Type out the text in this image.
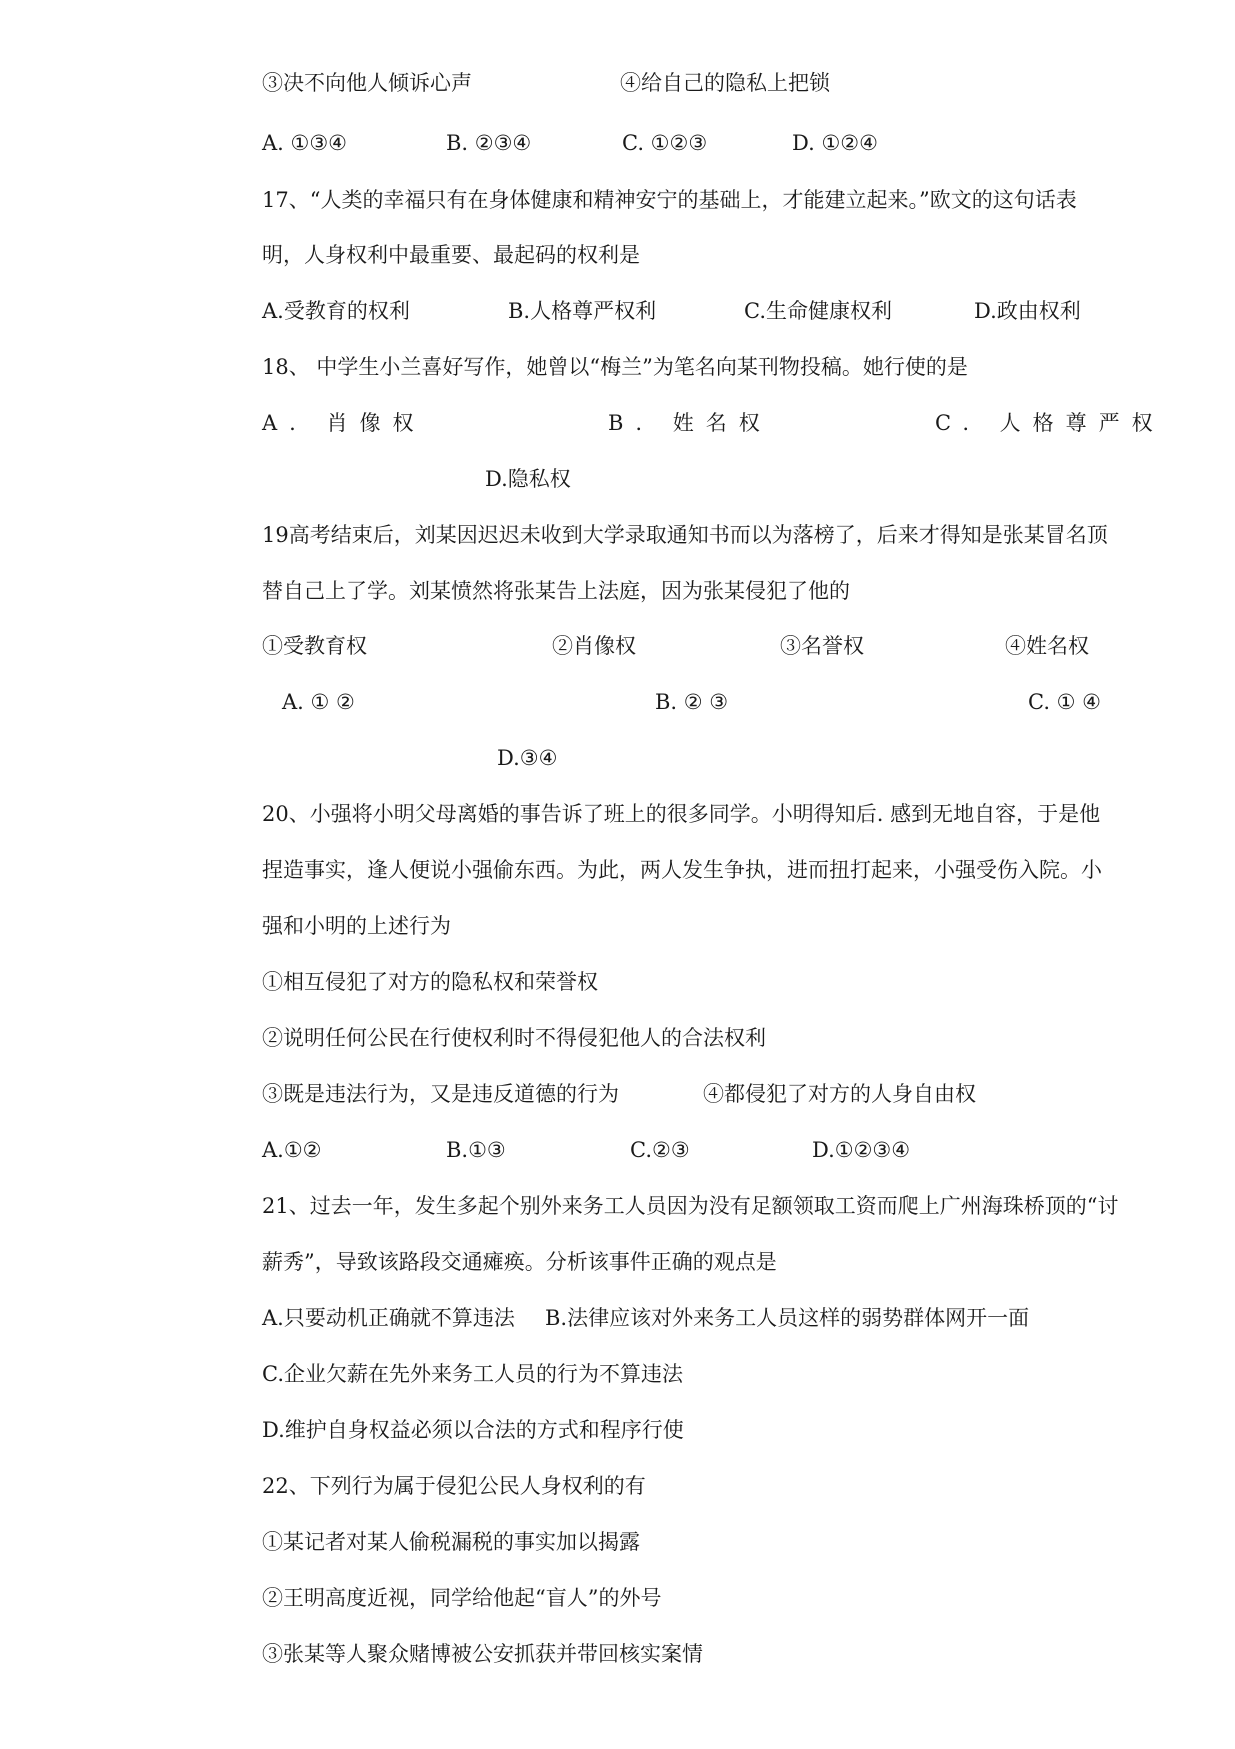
③决不向他人倾诉心声	④给自己的隐私上把锁
A. ①③④	B. ②③④	C. ①②③	D. ①②④
17、“人类的幸福只有在身体健康和精神安宁的基础上，才能建立起来。”欧文的这句话表
明，人身权利中最重要、最起码的权利是
A.受教育的权利	B.人格尊严权利	C.生命健康权利	D.政由权利
18、 中学生小兰喜好写作，她曾以“梅兰”为笔名向某刊物投稿。她行使的是
A. 肖像权	B. 姓名权	C. 人格尊严权
D.隐私权
19高考结束后，刘某因迟迟未收到大学录取通知书而以为落榜了，后来才得知是张某冒名顶
替自己上了学。刘某愤然将张某告上法庭，因为张某侵犯了他的
①受教育权	②肖像权	③名誉权	④姓名权
A. ① ②	B. ② ③	C. ① ④
D.③④
20、小强将小明父母离婚的事告诉了班上的很多同学。小明得知后. 感到无地自容，于是他
捏造事实，逢人便说小强偷东西。为此，两人发生争执，进而扭打起来，小强受伤入院。小
强和小明的上述行为
①相互侵犯了对方的隐私权和荣誉权
②说明任何公民在行使权利时不得侵犯他人的合法权利
③既是违法行为，又是违反道德的行为	④都侵犯了对方的人身自由权
A.①②	B.①③	C.②③	D.①②③④
21、过去一年，发生多起个别外来务工人员因为没有足额领取工资而爬上广州海珠桥顶的“讨
薪秀”，导致该路段交通瘫痪。分析该事件正确的观点是
A.只要动机正确就不算违法 B.法律应该对外来务工人员这样的弱势群体网开一面
C.企业欠薪在先外来务工人员的行为不算违法
D.维护自身权益必须以合法的方式和程序行使
22、下列行为属于侵犯公民人身权利的有
①某记者对某人偷税漏税的事实加以揭露
②王明高度近视，同学给他起“盲人”的外号
③张某等人聚众赌博被公安抓获并带回核实案情
